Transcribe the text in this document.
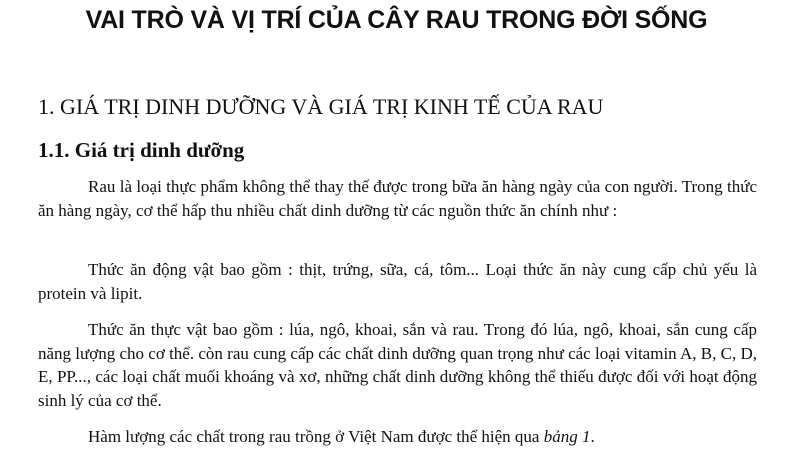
VAI TRÒ VÀ VỊ TRÍ CỦA CÂY RAU TRONG ĐỜI SỐNG
1. GIÁ TRỊ DINH DƯỠNG VÀ GIÁ TRỊ KINH TẾ CỦA RAU
1.1. Giá trị dinh dưỡng

Rau là loại thực phẩm không thể thay thế được trong bữa ăn hàng ngày của con người. Trong thức ăn hàng ngày, cơ thể hấp thu nhiều chất dinh dưỡng từ các nguồn thức ăn chính như :

Thức ăn động vật bao gồm : thịt, trứng, sữa, cá, tôm... Loại thức ăn này cung cấp chủ yếu là protein và lipit.

Thức ăn thực vật bao gồm : lúa, ngô, khoai, sắn và rau. Trong đó lúa, ngô, khoai, sắn cung cấp năng lượng cho cơ thể. còn rau cung cấp các chất dinh dưỡng quan trọng như các loại vitamin A, B, C, D, E, PP..., các loại chất muối khoáng và xơ, những chất dinh dưỡng không thể thiếu được đối với hoạt động sinh lý của cơ thể.

Hàm lượng các chất trong rau trồng ở Việt Nam được thể hiện qua bảng 1.
